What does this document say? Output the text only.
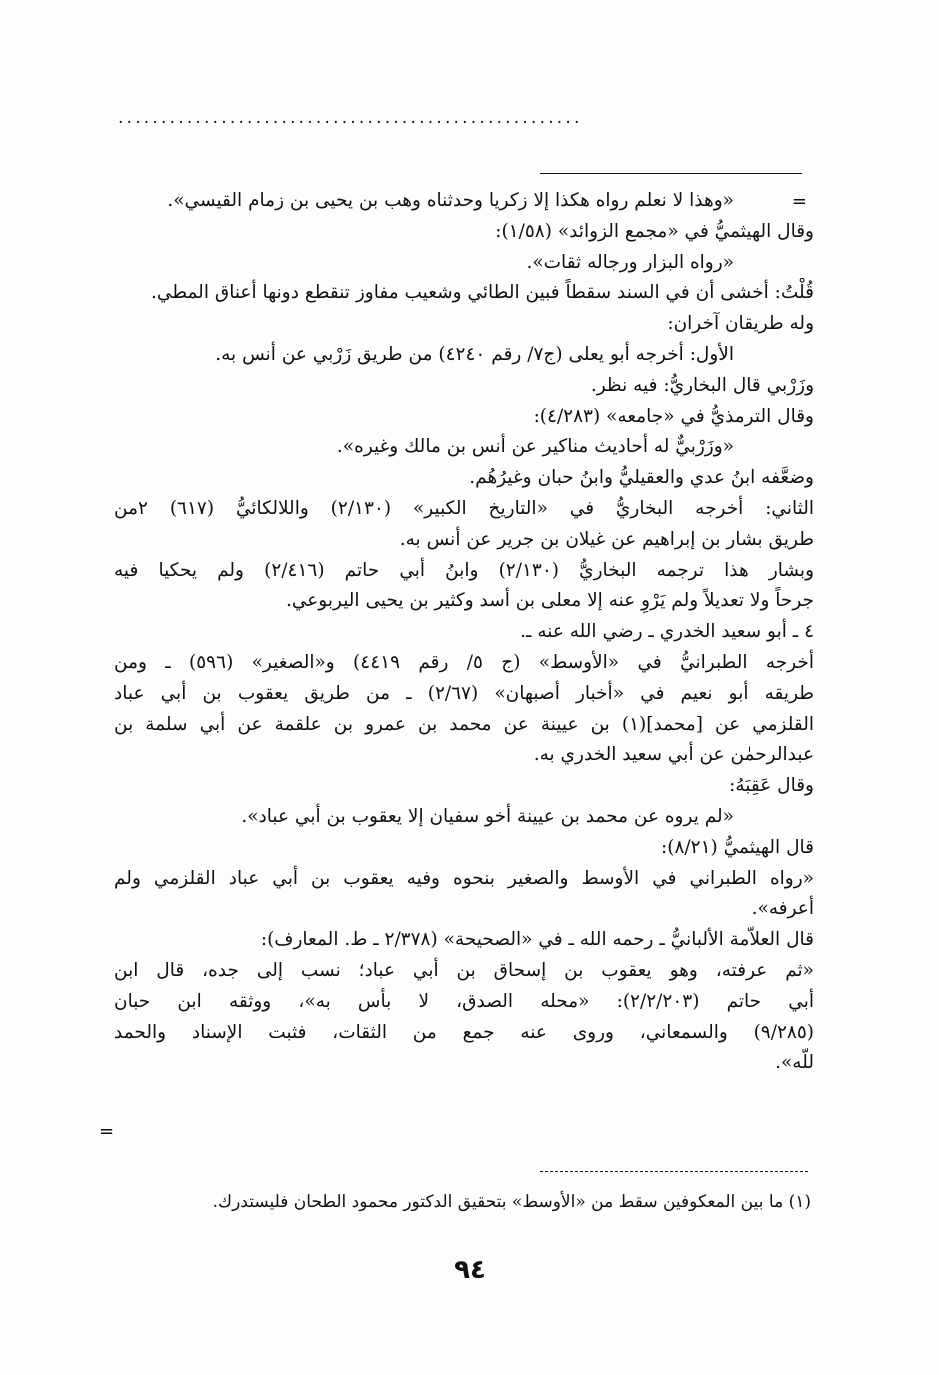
......................................................
=
«وهذا لا نعلم رواه هكذا إلا زكريا وحدثناه وهب بن يحيى بن زمام القيسي».
وقال الهيثميُّ في «مجمع الزوائد» (١/٥٨):
«رواه البزار ورجاله ثقات».
قُلْتُ: أخشى أن في السند سقطاً فبين الطائي وشعيب مفاوز تنقطع دونها أعناق المطي.
وله طريقان آخران:
الأول: أخرجه أبو يعلى (ج٧/ رقم ٤٢٤٠) من طريق زَرْبي عن أنس به.
وزَرْبي قال البخاريُّ: فيه نظر.
وقال الترمذيُّ في «جامعه» (٤/٢٨٣):
«وزَرْبيٌّ له أحاديث مناكير عن أنس بن مالك وغيره».
وضعَّفه ابنُ عدي والعقيليُّ وابنُ حبان وغيرُهُم.
الثاني: أخرجه البخاريُّ في «التاريخ الكبير» (٢/١٣٠) واللالكائيُّ (٦١٧) ٢من
طريق بشار بن إبراهيم عن غيلان بن جرير عن أنس به.
وبشار هذا ترجمه البخاريُّ (٢/١٣٠) وابنُ أبي حاتم (٢/٤١٦) ولم يحكيا فيه
جرحاً ولا تعديلاً ولم يَرْوِ عنه إلا معلى بن أسد وكثير بن يحيى اليربوعي.
٤ ـ أبو سعيد الخدري ـ رضي الله عنه ـ.
أخرجه الطبرانيُّ في «الأوسط» (ج ٥/ رقم ٤٤١٩) و«الصغير» (٥٩٦) ـ ومن
طريقه أبو نعيم في «أخبار أصبهان» (٢/٦٧) ـ من طريق يعقوب بن أبي عباد
القلزمي عن [محمد](١) بن عيينة عن محمد بن عمرو بن علقمة عن أبي سلمة بن
عبدالرحمٰن عن أبي سعيد الخدري به.
وقال عَقِبَهُ:
«لم يروه عن محمد بن عيينة أخو سفيان إلا يعقوب بن أبي عباد».
قال الهيثميُّ (٨/٢١):
«رواه الطبراني في الأوسط والصغير بنحوه وفيه يعقوب بن أبي عباد القلزمي ولم
أعرفه».
قال العلاّمة الألبانيُّ ـ رحمه الله ـ في «الصحيحة» (٢/٣٧٨ ـ ط. المعارف):
«ثم عرفته، وهو يعقوب بن إسحاق بن أبي عباد؛ نسب إلى جده، قال ابن
أبي حاتم (٢/٢/٢٠٣): «محله الصدق، لا بأس به»، ووثقه ابن حبان
(٩/٢٨٥) والسمعاني، وروى عنه جمع من الثقات، فثبت الإسناد والحمد
للّه».
=
(١) ما بين المعكوفين سقط من «الأوسط» بتحقيق الدكتور محمود الطحان فليستدرك.
٩٤
